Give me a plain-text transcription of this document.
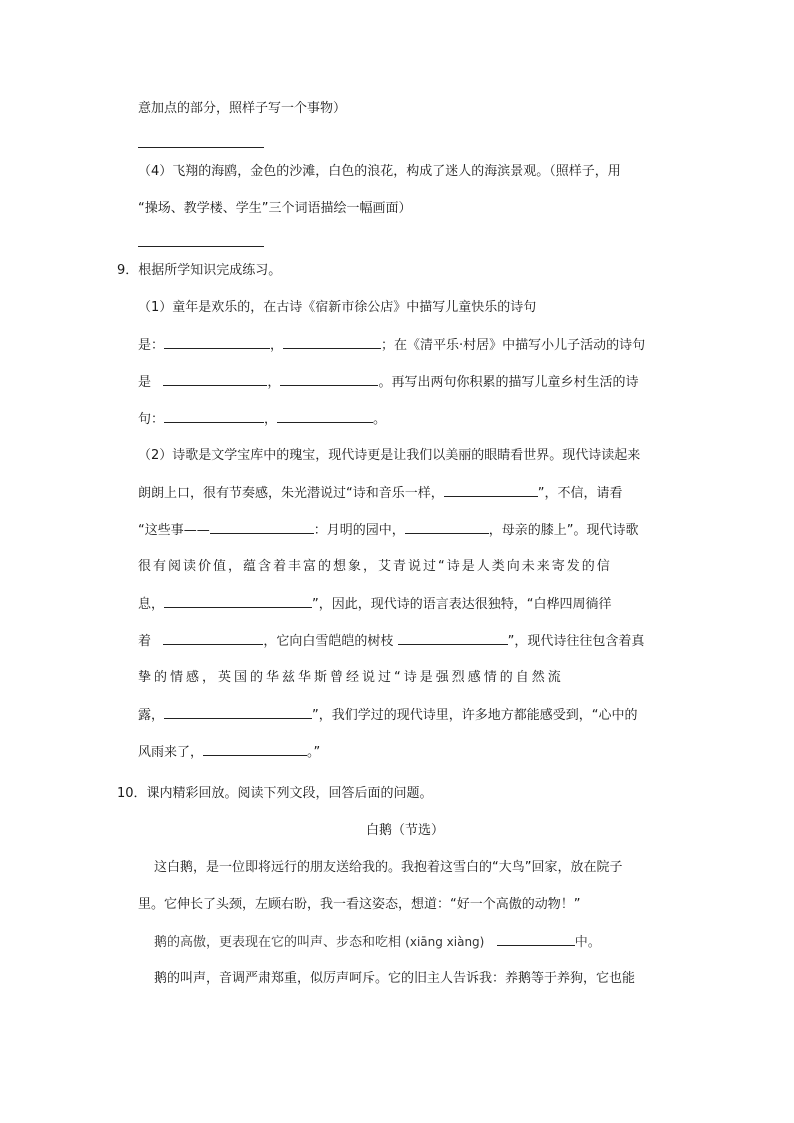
意加点的部分，照样子写一个事物）
（4）飞翔的海鸥，金色的沙滩，白色的浪花，构成了迷人的海滨景观。（照样子，用
“操场、教学楼、学生”三个词语描绘一幅画面）
9．根据所学知识完成练习。
（1）童年是欢乐的，在古诗《宿新市徐公店》中描写儿童快乐的诗句
是：	，	；在《清平乐·村居》中描写小儿子活动的诗句
是	，	。再写出两句你积累的描写儿童乡村生活的诗
句：	，	。
（2）诗歌是文学宝库中的瑰宝，现代诗更是让我们以美丽的眼睛看世界。现代诗读起来
朗朗上口，很有节奏感，朱光潜说过“诗和音乐一样，	”，不信，请看
“这些事——	：月明的园中，	，母亲的膝上”。现代诗歌
很有阅读价值，蕴含着丰富的想象，艾青说过“诗是人类向未来寄发的信
息，	”，因此，现代诗的语言表达很独特，“白桦四周徜徉
着	，它向白雪皑皑的树枝	”，现代诗往往包含着真
挚的情感，英国的华兹华斯曾经说过“诗是强烈感情的自然流
露，	”，我们学过的现代诗里，许多地方都能感受到，“心中的
风雨来了，	。”
10．课内精彩回放。阅读下列文段，回答后面的问题。
白鹅（节选）
这白鹅，是一位即将远行的朋友送给我的。我抱着这雪白的“大鸟”回家，放在院子
里。它伸长了头颈，左顾右盼，我一看这姿态，想道：“好一个高傲的动物！”
鹅的高傲，更表现在它的叫声、步态和吃相 (xiāng xiàng)	中。
鹅的叫声，音调严肃郑重，似厉声呵斥。它的旧主人告诉我：养鹅等于养狗，它也能
